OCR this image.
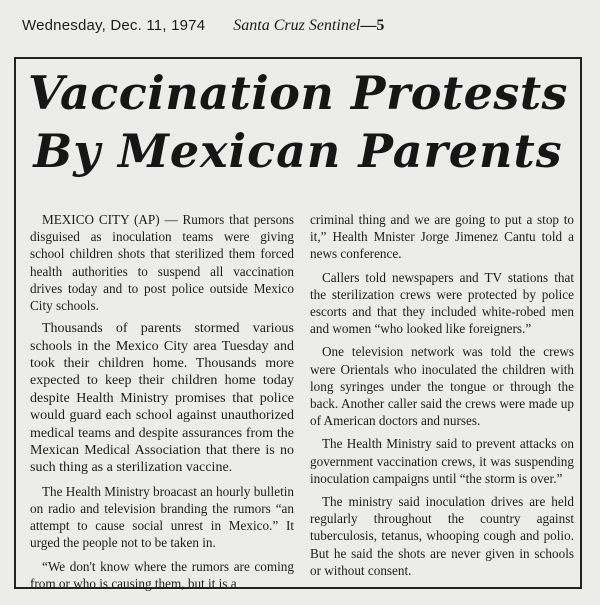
Wednesday, Dec. 11, 1974 Santa Cruz Sentinel—5
Vaccination Protests
By Mexican Parents

MEXICO CITY (AP) — Rumors that persons disguised as inoculation teams were giving school children shots that sterilized them forced health authorities to suspend all vaccination drives today and to post police outside Mexico City schools.

Thousands of parents stormed various schools in the Mexico City area Tuesday and took their children home. Thousands more expected to keep their children home today despite Health Ministry promises that police would guard each school against unauthorized medical teams and despite assurances from the Mexican Medical Association that there is no such thing as a sterilization vaccine.

The Health Ministry broacast an hourly bulletin on radio and television branding the rumors “an attempt to cause social unrest in Mexico.” It urged the people not to be taken in.

“We don't know where the rumors are coming from or who is causing them, but it is a

criminal thing and we are going to put a stop to it,” Health Mnister Jorge Jimenez Cantu told a news conference.

Callers told newspapers and TV stations that the sterilization crews were protected by police escorts and that they included white-robed men and women “who looked like foreigners.”

One television network was told the crews were Orientals who inoculated the children with long syringes under the tongue or through the back. Another caller said the crews were made up of American doctors and nurses.

The Health Ministry said to prevent attacks on government vaccination crews, it was suspending inoculation campaigns until “the storm is over.”

The ministry said inoculation drives are held regularly throughout the country against tuberculosis, tetanus, whooping cough and polio. But he said the shots are never given in schools or without consent.
